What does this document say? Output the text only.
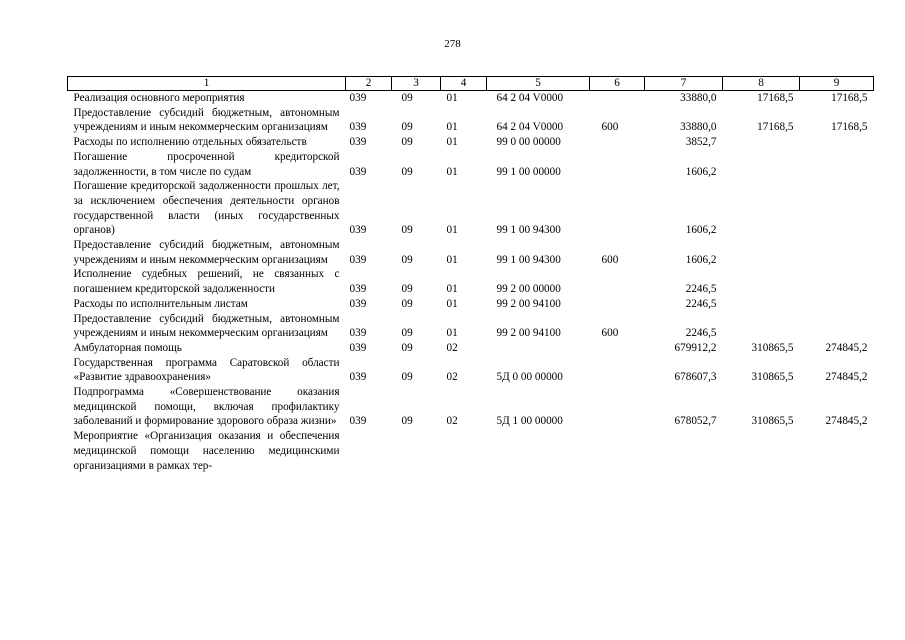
278
1	2	3	4	5	6	7	8	9
Реализация основного мероприятия	039	09	01	64 2 04 V0000		33880,0	17168,5	17168,5
Предоставление субсидий бюджетным, автономным учреждениям и иным некоммерческим организациям	039	09	01	64 2 04 V0000	600	33880,0	17168,5	17168,5
Расходы по исполнению отдельных обязательств	039	09	01	99 0 00 00000		3852,7		
Погашение просроченной кредиторской задолженности, в том числе по судам	039	09	01	99 1 00 00000		1606,2		
Погашение кредиторской задолженности прошлых лет, за исключением обеспечения деятельности органов государственной власти (иных государственных органов)	039	09	01	99 1 00 94300		1606,2		
Предоставление субсидий бюджетным, автономным учреждениям и иным некоммерческим организациям	039	09	01	99 1 00 94300	600	1606,2		
Исполнение судебных решений, не связанных с погашением кредиторской задолженности	039	09	01	99 2 00 00000		2246,5		
Расходы по исполнительным листам	039	09	01	99 2 00 94100		2246,5		
Предоставление субсидий бюджетным, автономным учреждениям и иным некоммерческим организациям	039	09	01	99 2 00 94100	600	2246,5		
Амбулаторная помощь	039	09	02			679912,2	310865,5	274845,2
Государственная программа Саратовской области «Развитие здравоохранения»	039	09	02	5Д 0 00 00000		678607,3	310865,5	274845,2
Подпрограмма «Совершенствование оказания медицинской помощи, включая профилактику заболеваний и формирование здорового образа жизни»	039	09	02	5Д 1 00 00000		678052,7	310865,5	274845,2
Мероприятие «Организация оказания и обеспечения медицинской помощи населению медицинскими организациями в рамках тер-								
